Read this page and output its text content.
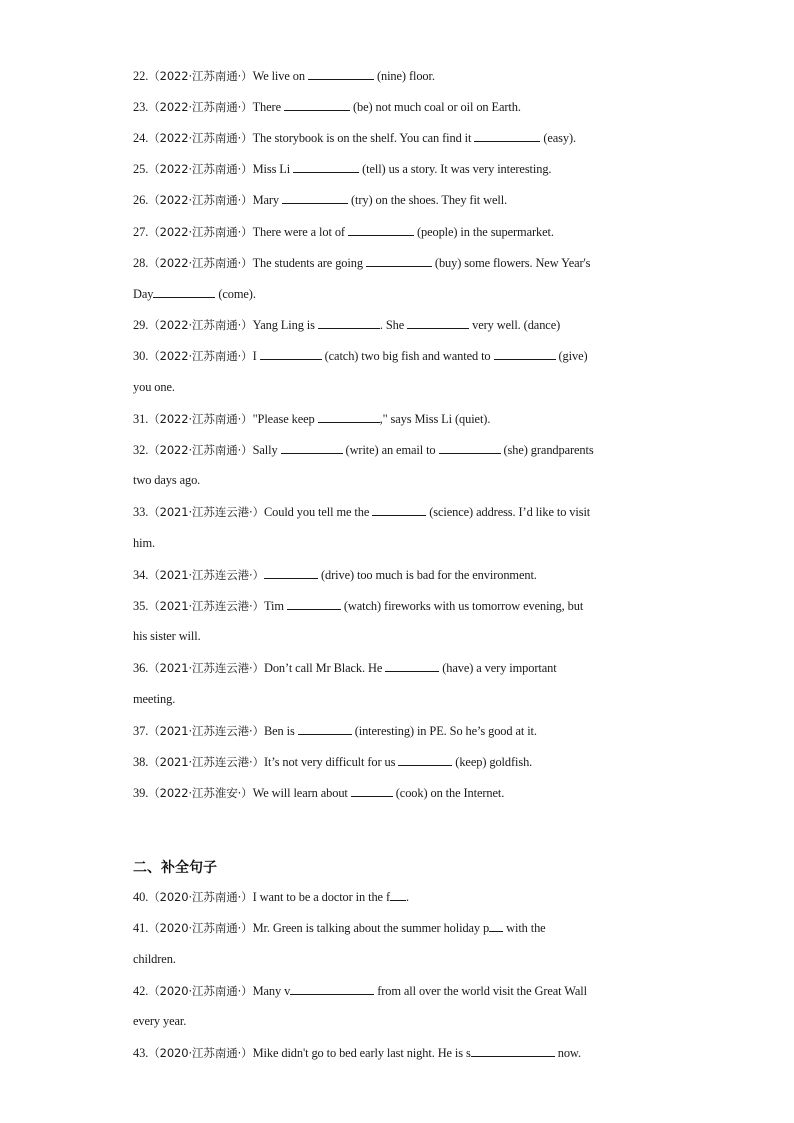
22.（2022·江苏南通·）We live on	(nine) floor.
23.（2022·江苏南通·）There	(be) not much coal or oil on Earth.
24.（2022·江苏南通·）The storybook is on the shelf. You can find it	(easy).
25.（2022·江苏南通·）Miss Li	(tell) us a story. It was very interesting.
26.（2022·江苏南通·）Mary	(try) on the shoes. They fit well.
27.（2022·江苏南通·）There were a lot of	(people) in the supermarket.
28.（2022·江苏南通·）The students are going	(buy) some flowers. New Year's
Day	(come).
29.（2022·江苏南通·）Yang Ling is	. She	very well. (dance)
30.（2022·江苏南通·）I	(catch) two big fish and wanted to	(give)
you one.
31.（2022·江苏南通·）"Please keep	," says Miss Li (quiet).
32.（2022·江苏南通·）Sally	(write) an email to	(she) grandparents
two days ago.
33.（2021·江苏连云港·）Could you tell me the	(science) address. I’d like to visit
him.
34.（2021·江苏连云港·）	(drive) too much is bad for the environment.
35.（2021·江苏连云港·）Tim	(watch) fireworks with us tomorrow evening, but
his sister will.
36.（2021·江苏连云港·）Don’t call Mr Black. He	(have) a very important
meeting.
37.（2021·江苏连云港·）Ben is	(interesting) in PE. So he’s good at it.
38.（2021·江苏连云港·）It’s not very difficult for us	(keep) goldfish.
39.（2022·江苏淮安·）We will learn about	(cook) on the Internet.
二、补全句子
40.（2020·江苏南通·）I want to be a doctor in the f .
41.（2020·江苏南通·）Mr. Green is talking about the summer holiday p with the
children.
42.（2020·江苏南通·）Many v	from all over the world visit the Great Wall
every year.
43.（2020·江苏南通·）Mike didn't go to bed early last night. He is s	now.
